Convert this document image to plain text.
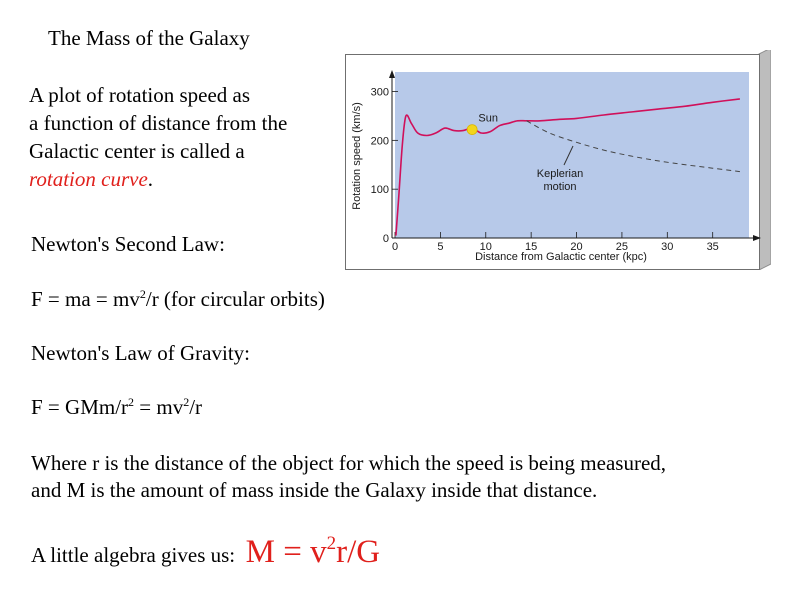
The Mass of the Galaxy
A plot of rotation speed as
a function of distance from the
Galactic center is called a
rotation curve.
Newton's Second Law:
F = ma = $mv^2/r$ (for circular orbits)
Newton's Law of Gravity:
F = GMm/$r^2 = mv^2/r$
Where r is the distance of the object for which the speed is being measured,
and M is the amount of mass inside the Galaxy inside that distance.
A little algebra gives us: $M = v^2r/G$
0	5	10	15	20	25	30	35
0
100
200
300
Distance from Galactic center (kpc)
Rotation speed (km/s)	Sun
Keplerian
motion
